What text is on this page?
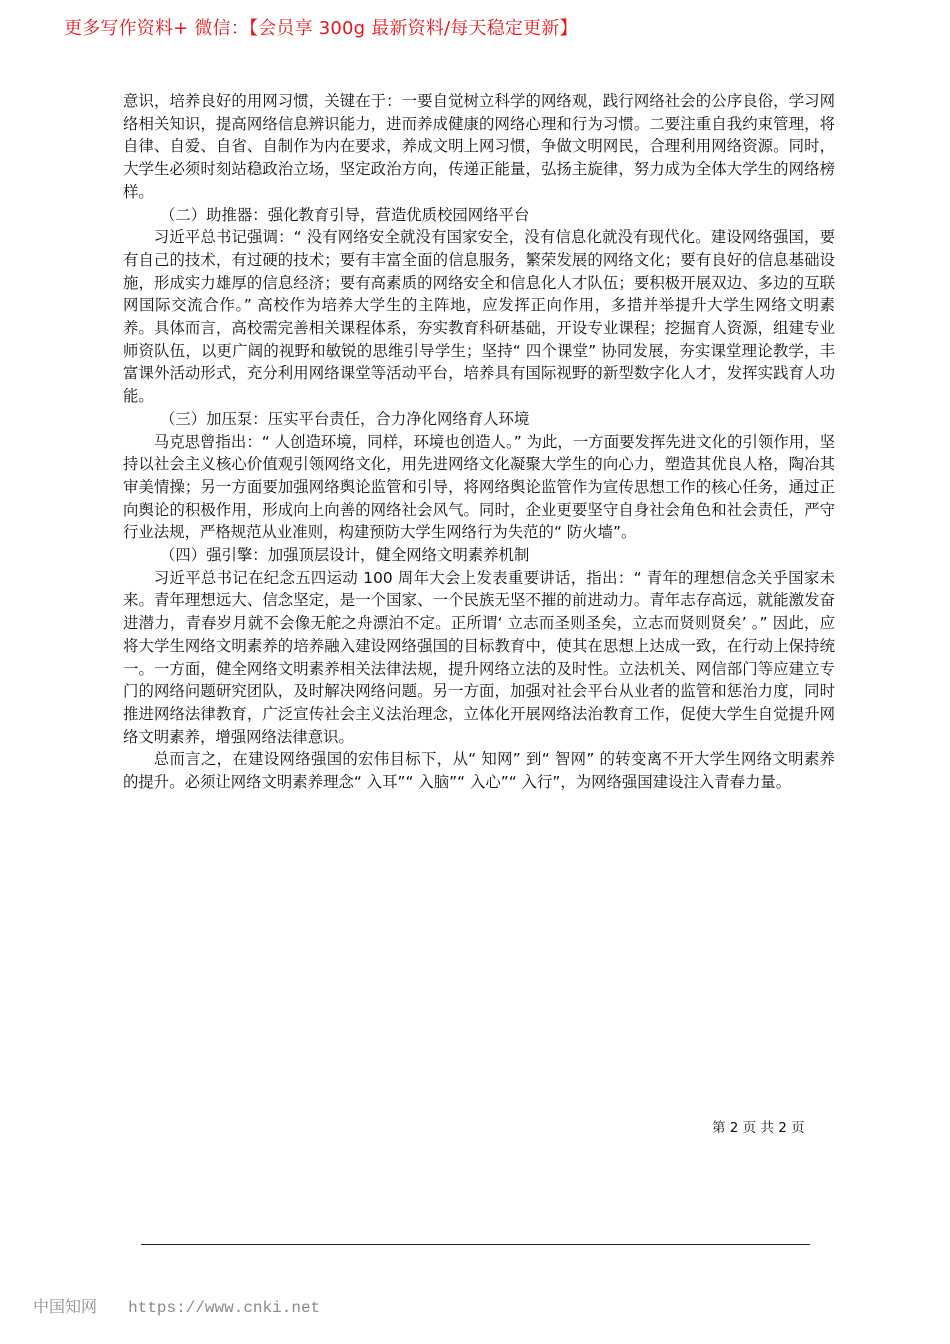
更多写作资料+ 微信：【会员享 300g 最新资料/每天稳定更新】

意识，培养良好的用网习惯，关键在于：一要自觉树立科学的网络观，践行网络社会的公序良俗，学习网络相关知识，提高网络信息辨识能力，进而养成健康的网络心理和行为习惯。二要注重自我约束管理，将自律、自爱、自省、自制作为内在要求，养成文明上网习惯，争做文明网民，合理利用网络资源。同时，大学生必须时刻站稳政治立场，坚定政治方向，传递正能量，弘扬主旋律，努力成为全体大学生的网络榜样。

（二）助推器：强化教育引导，营造优质校园网络平台

习近平总书记强调：“ 没有网络安全就没有国家安全，没有信息化就没有现代化。建设网络强国，要有自己的技术，有过硬的技术；要有丰富全面的信息服务，繁荣发展的网络文化；要有良好的信息基础设施，形成实力雄厚的信息经济；要有高素质的网络安全和信息化人才队伍；要积极开展双边、多边的互联网国际交流合作。” 高校作为培养大学生的主阵地，应发挥正向作用，多措并举提升大学生网络文明素养。具体而言，高校需完善相关课程体系，夯实教育科研基础，开设专业课程；挖掘育人资源，组建专业师资队伍，以更广阔的视野和敏锐的思维引导学生；坚持“ 四个课堂” 协同发展，夯实课堂理论教学，丰富课外活动形式，充分利用网络课堂等活动平台，培养具有国际视野的新型数字化人才，发挥实践育人功能。

（三）加压泵：压实平台责任，合力净化网络育人环境

马克思曾指出：“ 人创造环境，同样，环境也创造人。” 为此，一方面要发挥先进文化的引领作用，坚持以社会主义核心价值观引领网络文化，用先进网络文化凝聚大学生的向心力，塑造其优良人格，陶冶其审美情操；另一方面要加强网络舆论监管和引导，将网络舆论监管作为宣传思想工作的核心任务，通过正向舆论的积极作用，形成向上向善的网络社会风气。同时，企业更要坚守自身社会角色和社会责任，严守行业法规，严格规范从业准则，构建预防大学生网络行为失范的“ 防火墙”。

（四）强引擎：加强顶层设计，健全网络文明素养机制

习近平总书记在纪念五四运动 100 周年大会上发表重要讲话，指出：“ 青年的理想信念关乎国家未来。青年理想远大、信念坚定，是一个国家、一个民族无坚不摧的前进动力。青年志存高远，就能激发奋进潜力，青春岁月就不会像无舵之舟漂泊不定。正所谓‘ 立志而圣则圣矣，立志而贤则贤矣’ 。” 因此，应将大学生网络文明素养的培养融入建设网络强国的目标教育中，使其在思想上达成一致，在行动上保持统一。一方面，健全网络文明素养相关法律法规，提升网络立法的及时性。立法机关、网信部门等应建立专门的网络问题研究团队，及时解决网络问题。另一方面，加强对社会平台从业者的监管和惩治力度，同时推进网络法律教育，广泛宣传社会主义法治理念，立体化开展网络法治教育工作，促使大学生自觉提升网络文明素养，增强网络法律意识。

总而言之，在建设网络强国的宏伟目标下，从“ 知网” 到“ 智网” 的转变离不开大学生网络文明素养的提升。必须让网络文明素养理念“ 入耳”“ 入脑”“ 入心”“ 入行”，为网络强国建设注入青春力量。

第 2 页 共 2 页
中国知网 https://www.cnki.net
